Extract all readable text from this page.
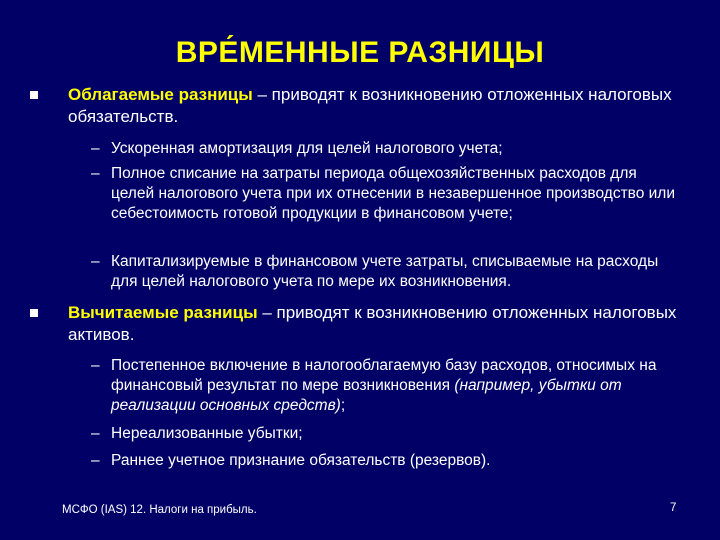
ВРЕ́МЕННЫЕ РАЗНИЦЫ
Облагаемые разницы – приводят к возникновению отложенных налоговых обязательств.
– Ускоренная амортизация для целей налогового учета;
– Полное списание на затраты периода общехозяйственных расходов для целей налогового учета при их отнесении в незавершенное производство или себестоимость готовой продукции в финансовом учете;
– Капитализируемые в финансовом учете затраты, списываемые на расходы для целей налогового учета по мере их возникновения.
Вычитаемые разницы – приводят к возникновению отложенных налоговых активов.
– Постепенное включение в налогооблагаемую базу расходов, относимых на финансовый результат по мере возникновения (например, убытки от реализации основных средств);
– Нереализованные убытки;
– Раннее учетное признание обязательств (резервов).
МСФО (IAS) 12. Налоги на прибыль.	7
